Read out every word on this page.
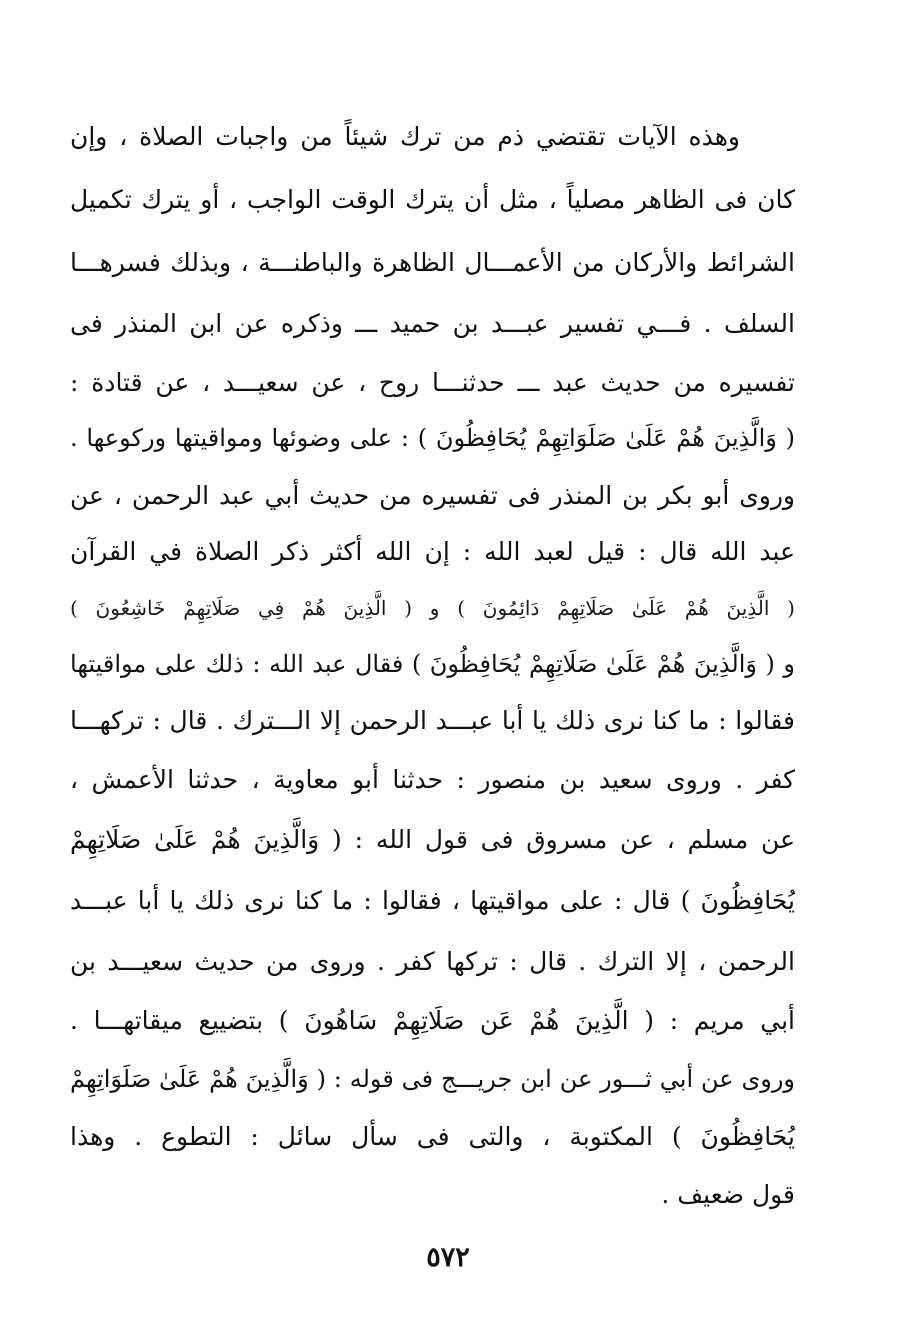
وهذه الآيات تقتضي ذم من ترك شيئاً من واجبات الصلاة ، وإن
كان فى الظاهر مصلياً ، مثل أن يترك الوقت الواجب ، أو يترك تكميل
الشرائط والأركان من الأعمـــال الظاهرة والباطنـــة ، وبذلك فسرهـــا
السلف . فـــي تفسير عبـــد بن حميد ـــ وذكره عن ابن المنذر فى
تفسيره من حديث عبد ـــ حدثنـــا روح ، عن سعيـــد ، عن قتادة :
( وَالَّذِينَ هُمْ عَلَىٰ صَلَوَاتِهِمْ يُحَافِظُونَ ) : على وضوئها ومواقيتها وركوعها .
وروى أبو بكر بن المنذر فى تفسيره من حديث أبي عبد الرحمن ، عن
عبد الله قال : قيل لعبد الله : إن الله أكثر ذكر الصلاة في القرآن
( الَّذِينَ هُمْ عَلَىٰ صَلَاتِهِمْ دَائِمُونَ ) و ( الَّذِينَ هُمْ فِي صَلَاتِهِمْ خَاشِعُونَ )
و ( وَالَّذِينَ هُمْ عَلَىٰ صَلَاتِهِمْ يُحَافِظُونَ ) فقال عبد الله : ذلك على مواقيتها
فقالوا : ما كنا نرى ذلك يا أبا عبـــد الرحمن إلا الـــترك . قال : تركهـــا
كفر . وروى سعيد بن منصور : حدثنا أبو معاوية ، حدثنا الأعمش ،
عن مسلم ، عن مسروق فى قول الله : ( وَالَّذِينَ هُمْ عَلَىٰ صَلَاتِهِمْ
يُحَافِظُونَ ) قال : على مواقيتها ، فقالوا : ما كنا نرى ذلك يا أبا عبـــد
الرحمن ، إلا الترك . قال : تركها كفر . وروى من حديث سعيـــد بن
أبي مريم : ( الَّذِينَ هُمْ عَن صَلَاتِهِمْ سَاهُونَ ) بتضييع ميقاتهـــا .
وروى عن أبي ثـــور عن ابن جريـــج فى قوله : ( وَالَّذِينَ هُمْ عَلَىٰ صَلَوَاتِهِمْ
يُحَافِظُونَ ) المكتوبة ، والتى فى سأل سائل : التطوع . وهذا
قول ضعيف .
٥٧٢
